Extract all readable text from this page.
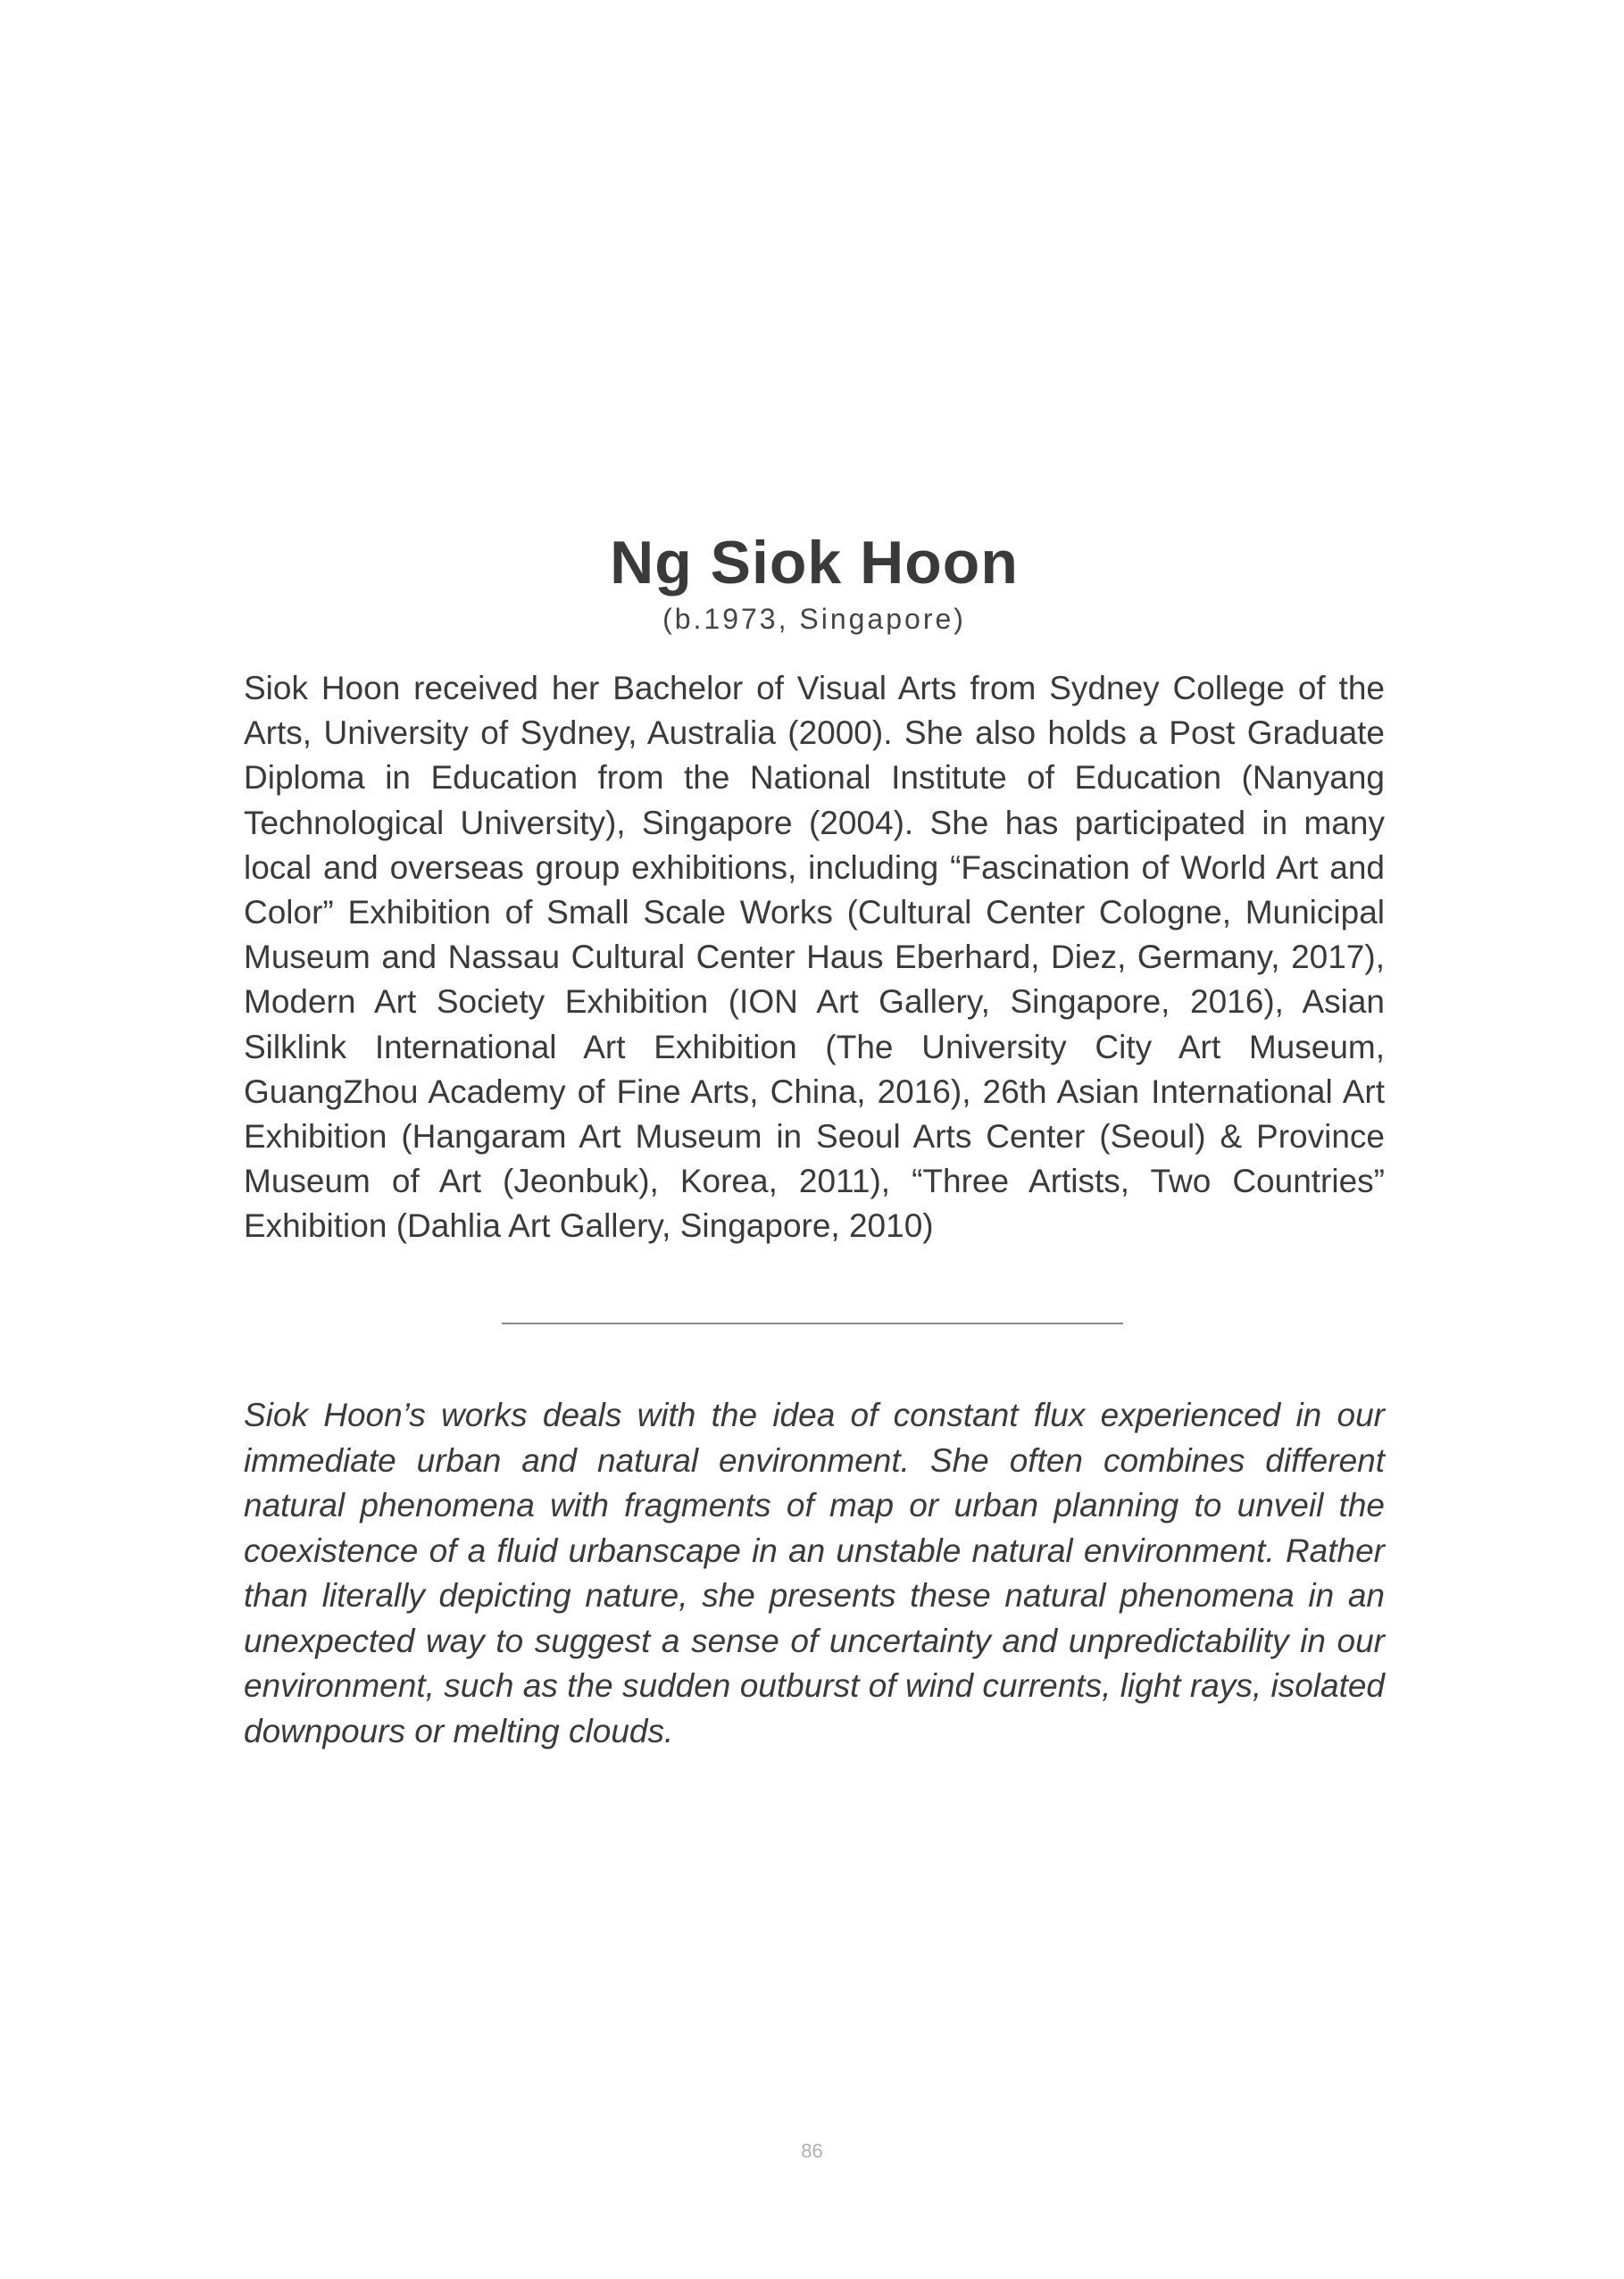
Ng Siok Hoon

(b.1973, Singapore)

Siok Hoon received her Bachelor of Visual Arts from Sydney College of the Arts, University of Sydney, Australia (2000). She also holds a Post Graduate Diploma in Education from the National Institute of Education (Nanyang Technological University), Singapore (2004). She has participated in many local and overseas group exhibitions, including “Fascination of World Art and Color” Exhibition of Small Scale Works (Cultural Center Cologne, Municipal Museum and Nassau Cultural Center Haus Eberhard, Diez, Germany, 2017), Modern Art Society Exhibition (ION Art Gallery, Singapore, 2016), Asian Silklink International Art Exhibition (The University City Art Museum, GuangZhou Academy of Fine Arts, China, 2016), 26th Asian International Art Exhibition (Hangaram Art Museum in Seoul Arts Center (Seoul) & Province Museum of Art (Jeonbuk), Korea, 2011), “Three Artists, Two Countries” Exhibition (Dahlia Art Gallery, Singapore, 2010)

Siok Hoon’s works deals with the idea of constant flux experienced in our immediate urban and natural environment. She often combines different natural phenomena with fragments of map or urban planning to unveil the coexistence of a fluid urbanscape in an unstable natural environment. Rather than literally depicting nature, she presents these natural phenomena in an unexpected way to suggest a sense of uncertainty and unpredictability in our environment, such as the sudden outburst of wind currents, light rays, isolated downpours or melting clouds.

86
